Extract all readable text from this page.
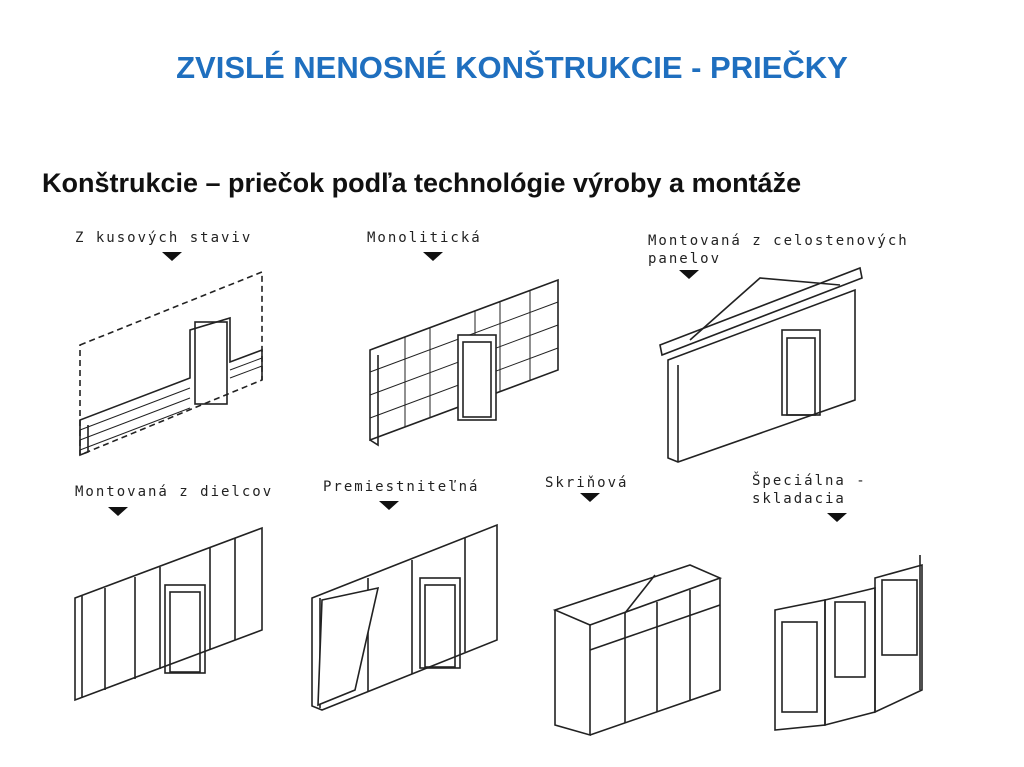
ZVISLÉ NENOSNÉ KONŠTRUKCIE - PRIEČKY
Konštrukcie – priečok podľa technológie výroby a montáže
Z kusových staviv	Monolitická	Montovaná z celostenových
panelov
Montovaná z dielcov	Premiestniteľná	Skriňová	Špeciálna -
skladacia
